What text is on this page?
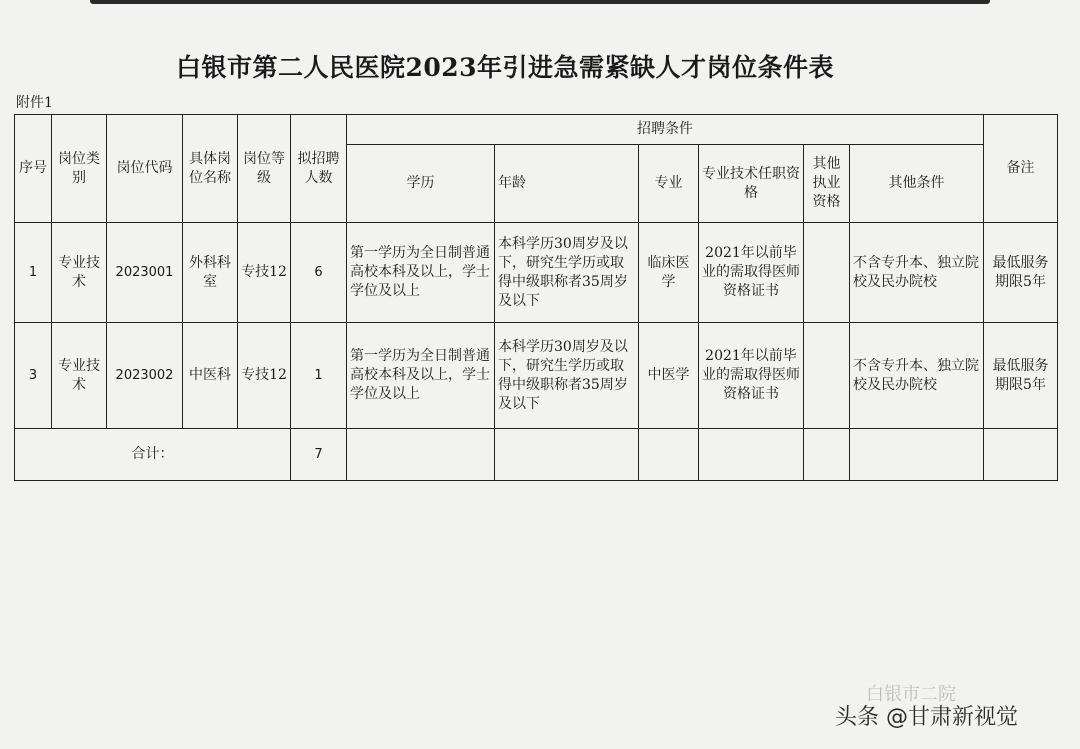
白银市第二人民医院2023年引进急需紧缺人才岗位条件表
附件1
序号	岗位类别	岗位代码	具体岗位名称	岗位等级	拟招聘人数	招聘条件						备注
						学历	年龄	专业	专业技术任职资格	其他执业资格	其他条件	
1	专业技术	2023001	外科科室	专技12	6	第一学历为全日制普通高校本科及以上，学士学位及以上	本科学历30周岁及以下，研究生学历或取得中级职称者35周岁及以下	临床医学	2021年以前毕业的需取得医师资格证书		不含专升本、独立院校及民办院校	最低服务期限5年
3	专业技术	2023002	中医科	专技12	1	第一学历为全日制普通高校本科及以上，学士学位及以上	本科学历30周岁及以下，研究生学历或取得中级职称者35周岁及以下	中医学	2021年以前毕业的需取得医师资格证书		不含专升本、独立院校及民办院校	最低服务期限5年
合计：					7							
白银市二院
头条 @甘肃新视觉
